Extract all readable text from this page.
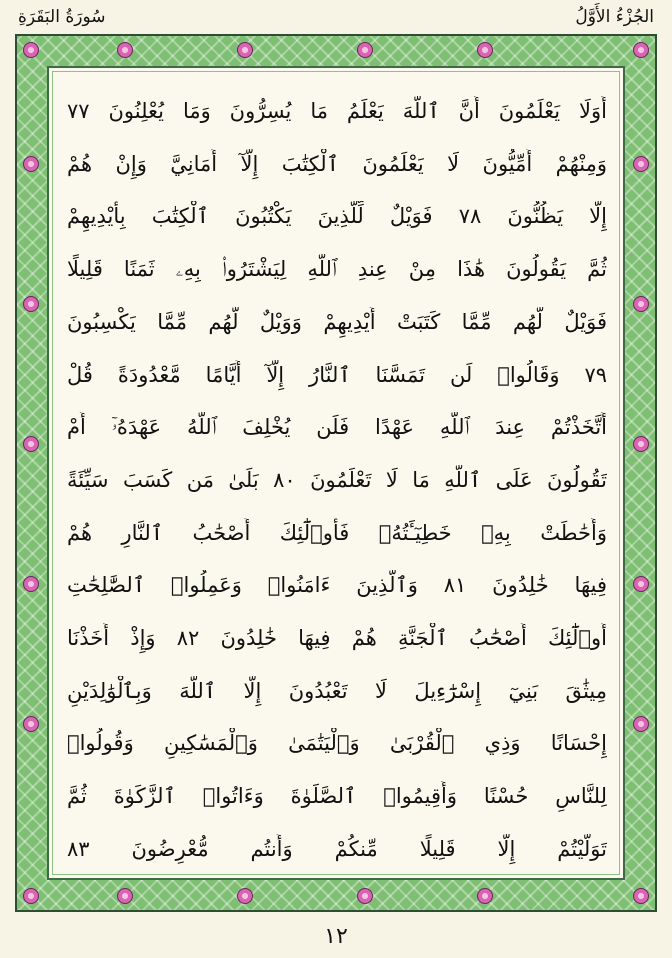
سُورَةُ البَقَرَةِ	الجُزْءُ الأَوَّلُ
أَوَلَا يَعْلَمُونَ أَنَّ ٱللَّهَ يَعْلَمُ مَا يُسِرُّونَ وَمَا يُعْلِنُونَ ٧٧
وَمِنْهُمْ أُمِّيُّونَ لَا يَعْلَمُونَ ٱلْكِتَٰبَ إِلَّآ أَمَانِيَّ وَإِنْ هُمْ
إِلَّا يَظُنُّونَ ٧٨ فَوَيْلٌ لِّلَّذِينَ يَكْتُبُونَ ٱلْكِتَٰبَ بِأَيْدِيهِمْ
ثُمَّ يَقُولُونَ هَٰذَا مِنْ عِندِ ٱللَّهِ لِيَشْتَرُوا۟ بِهِۦ ثَمَنًا قَلِيلًا
فَوَيْلٌ لَّهُم مِّمَّا كَتَبَتْ أَيْدِيهِمْ وَوَيْلٌ لَّهُم مِّمَّا يَكْسِبُونَ
٧٩ وَقَالُوا۟ لَن تَمَسَّنَا ٱلنَّارُ إِلَّآ أَيَّامًا مَّعْدُودَةً قُلْ
أَتَّخَذْتُمْ عِندَ ٱللَّهِ عَهْدًا فَلَن يُخْلِفَ ٱللَّهُ عَهْدَهُۥٓ أَمْ
تَقُولُونَ عَلَى ٱللَّهِ مَا لَا تَعْلَمُونَ ٨٠ بَلَىٰ مَن كَسَبَ سَيِّئَةً
وَأَحَٰطَتْ بِهِۦ خَطِيٓـَٔتُهُۥ فَأُو۟لَٰٓئِكَ أَصْحَٰبُ ٱلنَّارِ هُمْ
فِيهَا خَٰلِدُونَ ٨١ وَٱلَّذِينَ ءَامَنُوا۟ وَعَمِلُوا۟ ٱلصَّٰلِحَٰتِ
أُو۟لَٰٓئِكَ أَصْحَٰبُ ٱلْجَنَّةِ هُمْ فِيهَا خَٰلِدُونَ ٨٢ وَإِذْ أَخَذْنَا
مِيثَٰقَ بَنِيٓ إِسْرَٰٓءِيلَ لَا تَعْبُدُونَ إِلَّا ٱللَّهَ وَبِٱلْوَٰلِدَيْنِ
إِحْسَانًا وَذِي ٱلْقُرْبَىٰ وَٱلْيَتَٰمَىٰ وَٱلْمَسَٰكِينِ وَقُولُوا۟
لِلنَّاسِ حُسْنًا وَأَقِيمُوا۟ ٱلصَّلَوٰةَ وَءَاتُوا۟ ٱلزَّكَوٰةَ ثُمَّ
تَوَلَّيْتُمْ إِلَّا قَلِيلًا مِّنكُمْ وَأَنتُم مُّعْرِضُونَ ٨٣
١٢
